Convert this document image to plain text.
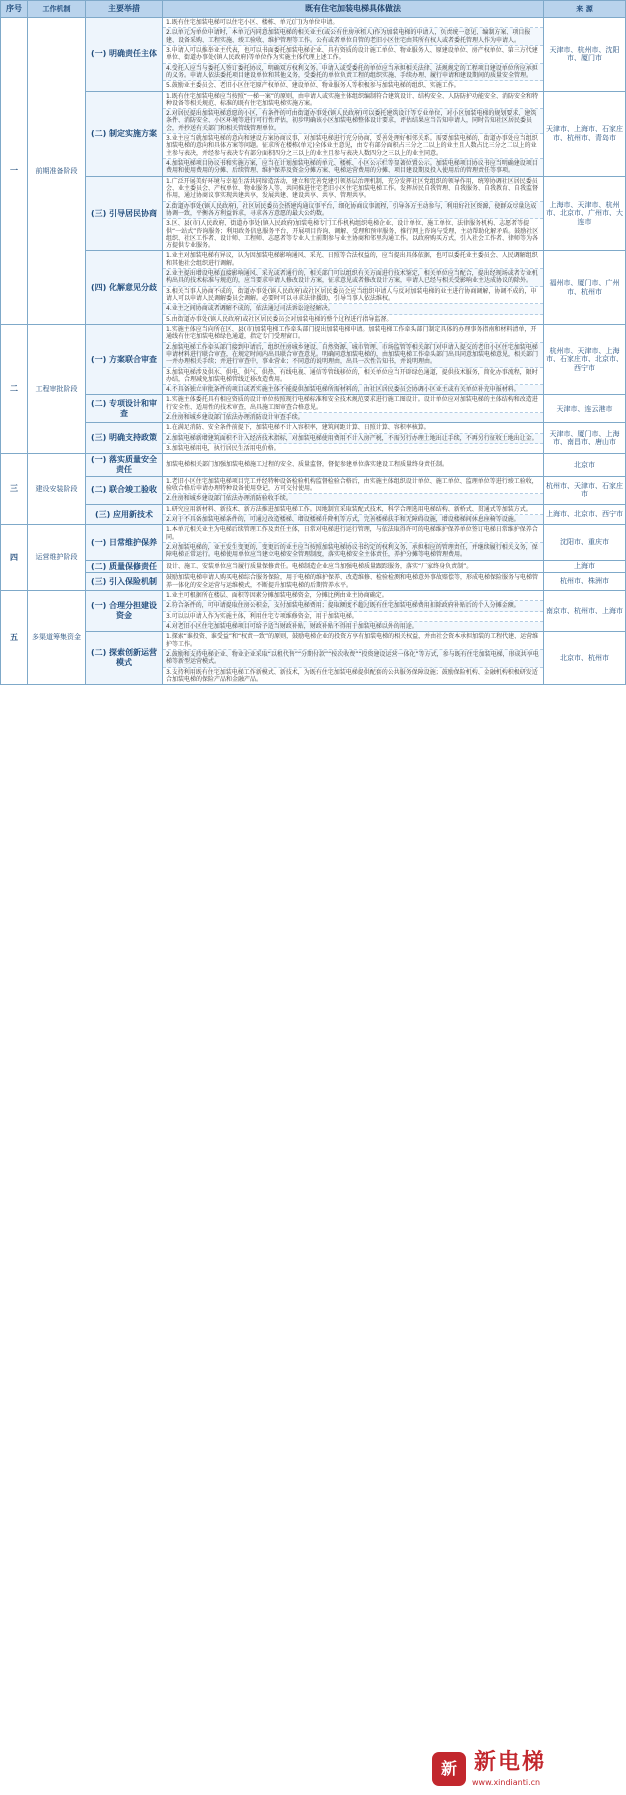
序号	工作机制	主要举措	既有住宅加装电梯具体做法	来 源
一	前期准备阶段	(一) 明确责任主体	1.既有住宅加装电梯可以住宅小区、楼栋、单元(门)为单位申请。
2.以单元为单位申请时，本单元内同意加装电梯的相关业主(或公有住房承租人)作为加装电梯的申请人，负责统一意见、编制方案、项目报建、设备采购、工程实施、竣工验收、维护管理等工作。公有或者单位自管的老旧小区住宅由其所有权人或者委托管理人作为申请人。
3.申请人可以推举业主代表，也可以书面委托加装电梯企业、具有资质的设计施工单位、物业服务人、原建设单位、房产权单位、第三方代建单位、街道办事处(镇人民政府)等单位作为实施主体代理上述工作。
4.受托人应当与委托人签订委托协议，明确双方权利义务。申请人或受委托的单位应当承担相关法律、法规规定的工程项目建设单位所应承担的义务。申请人依法委托项目建设单位和其他义务，受委托的单位负责工程的组织实施、手续办理、履行申请和建设期间的质量安全管理。
5.鼓励业主委员会、老旧小区住宅原产权单位、建设单位、物业服务人等积极参与加装电梯的组织、实施工作。	天津市、杭州市、沈阳市、厦门市
		(二) 制定实施方案	1.既有住宅加装电梯应当按照“一梯一案”的原则，由申请人或实施主体组织编制符合建筑设计、结构安全、人防防护功能安全、消防安全和特种设备等相关规范、标准的既有住宅加装电梯实施方案。
2.对居民提出加装电梯意愿的小区，有条件的可由街道办事处(镇人民政府)可以委托建筑设计等专业单位，对小区加装电梯的规划要求、建筑条件、消防安全、小区环境等进行可行性评估，初步明确该小区加装电梯整体设计要求，评估结果应当告知申请人，同时告知社区居民委员会，并抄送有关部门和相关管线管理单位。
3.业主应当就加装电梯的意向和建设方案协商议事，对加装电梯进行充分协商，妥善处理好相邻关系。需要加装电梯的，街道办事处应当组织加装电梯的意向和具体方案等问题。征求所在楼栋(单元)全体业主意见，由专有部分面积占三分之二以上的业主且人数占比三分之二以上的业主参与表决，并经参与表决专有部分面积四分之三以上的业主且参与表决人数四分之三以上的业主同意。
4.加装电梯项目协议书和实施方案，应当在计划加装电梯的单元、楼栋、小区公示栏等显著位置公示。加装电梯项目协议书应当明确建设项目费用和使用费用的分摊、后续管理、维护保养及资金分摊方案、电梯运营费用的分摊、项目建设期及投入使用后的管理责任等事项。	天津市、上海市、石家庄市、杭州市、青岛市
		(三) 引导居民协商	1.广泛开展美好环境与幸福生活共同缔造活动，建立和完善党建引领基层治理机制，充分发挥社区党组织的领导作用，统筹协调社区居民委员会、业主委员会、产权单位、物业服务人等，共同推进住宅老旧小区住宅加装电梯工作。发挥居民自我管理、自我服务、自我教育、自我监督作用，通过协商议事实现共建共享，发展共建、建设共享、共享、管理共享。
2.街道办事处(镇人民政府)、社区居民委员会搭建沟通议事平台，细化协商议事流程，引导各方主动参与，利用好社区资源，使群众尽量达成协调一致，平衡各方利益诉求，寻求各方意愿的最大公约数。
3.区、县(市)人民政府、街道办事处(镇人民政府)加装电梯专门工作机构组织电梯企业、设计单位、施工单位、法律服务机构、志愿者等提供“一站式”咨询服务；利用政务信息服务平台，开展项目咨询、调解、受理和预审服务，推行网上咨询与受理，主动帮助化解矛盾。鼓励社区组织、社区工作者、设计师、工程师、志愿者等专业人士前期参与业主协商和邻里沟通工作。以政府购买方式，引入社会工作者、律师等为各方提供专业服务。	上海市、天津市、杭州市、北京市、广州市、大连市
		(四) 化解意见分歧	1.业主对加装电梯有异议，认为因加装电梯影响通风、采光、日照等合法权益的，应当提出具体依据，也可以委托业主委员会、人民调解组织和其他社会组织进行调解。
2.业主提出增设电梯直接影响通风、采光或者通行的，相关部门可以组织有关方面进行技术鉴定，相关单位应当配合，提出经现场或者专业机构出具的技术标准与规范的，应当要求申请人修改设计方案，征求意见或者修改设计方案，申请人已经与相关受影响业主达成协议的除外。
3.相关当事人协商不成的，街道办事处(镇人民政府)或社区居民委员会应当组织申请人与反对加装电梯的业主进行协商调解，协调不成的，申请人可以申请人民调解委员会调解。必要时可以寻求法律援助，引导当事人依法维权。
4.业主之间协商或者调解不成的，依法通过司法诉讼途径解决。
5.由街道办事处(镇人民政府)或社区居民委员会对加装电梯的整个过程进行指导监督。	福州市、厦门市、广州市、杭州市
二	工程审批阶段	(一) 方案联合审查	1.实施主体应当向所在区、县(市)加装电梯工作牵头部门提出加装电梯申请。加装电梯工作牵头部门制定具体的办理事务指南和材料清单，开通线有住宅加装电梯绿色通道，指定专门受理窗口。
2.加装电梯工作牵头部门接到申请后，组织住房城乡建设、自然资源、城市管理、市场监管等相关部门对申请人提交的老旧小区住宅加装电梯申请材料进行联合审查，在规定时间内出具联合审查意见。明确同意加装电梯的，由加装电梯工作牵头部门出具同意加装电梯意见，相关部门一并办理相关手续；并进行审查中，事业营业；不同意的说明理由，出具一次性告知书，并说明理由。
3.加装电梯涉及供水、供电、供气、供热、有线电视、通信等管线移位的，相关单位应当开辟绿色通道，提供技术服务，简化办事流程，限时办结，合理减免加装电梯管线迁移改造费用。
4.不具备独立审批条件的项目或者实施主体不能提供加装电梯所需材料的，由社区居民委员会协调小区业主或有关单位补充申报材料。	杭州市、天津市、上海市、石家庄市、北京市、西宁市
		(二) 专项设计和审查	1.实施主体委托具有相应资质的设计单位按照现行电梯标准和安全技术规范要求进行施工图设计。设计单位应对加装电梯的主体结构和改造进行安全性、适用性的技术审查，出具施工图审查合格意见。
2.住房和城乡建设部门依法办理消防设计审查手续。	天津市、连云港市
		(三) 明确支持政策	1.在满足消防、安全条件前提下，加装电梯不计入容积率，建筑间距计算、日照计算、容积率核算。
2.加装电梯新增建筑面积不计入经济技术指标，对加装电梯使用费用不计入房产税，不需另行办理土地出让手续，不再另行征收土地出让金。
3.加装电梯用电，执行居民生活用电价格。	天津市、厦门市、上海市、南昌市、唐山市
三	建设安装阶段	(一) 落实质量安全责任	加装电梯相关部门加强加装电梯施工过程的安全、质量监督，督促参建单位落实建设工程质量终身责任制。	北京市
		(二) 联合竣工验收	1.老旧小区住宅加装电梯项目完工并经特种设备检验机构监督检验合格后，由实施主体组织设计单位、施工单位、监理单位等进行竣工验收，验收合格后申请办理特种设备使用登记，方可交付使用。
2.住房和城乡建设部门依法办理消防验收手续。	杭州市、天津市、石家庄市
		(三) 应用新技术	1.研究应用新材料、新技术、新方法推进加装电梯工作。因地制宜采取装配式技术，科学合理选用电梯结构、新桥式、贯通式等加装方式。
2.对于不具备加装电梯条件的，可通过改造楼梯、增设楼梯升降机等方式，完善楼梯扶手和无障碍设施，增设楼梯间休息座椅等设施。	上海市、北京市、西宁市
四	运营维护阶段	(一) 日常维护保养	1.本单元相关业主为电梯后续管理工作及责任主体，日常对电梯进行运行管理，与依法取得许可的电梯维护保养单位签订电梯日常维护保养合同。
2.对加装电梯的，业主发生变更的，变更后的业主应当按照加装电梯协议书约定的权利义务，承担相应的管理责任，并继续履行相关义务，保障电梯正常运行。电梯使用单位应当建立电梯安全管理制度，落实电梯安全主体责任，养护分摊等电梯管理费用。	沈阳市、重庆市
		(二) 质量保修责任	设计、施工、安装单位应当履行质量保修责任。电梯制造企业应当加强电梯质量跟踪服务，落实“厂家终身负责制”。	上海市
		(三) 引入保险机制	鼓励加装电梯申请人购买电梯综合服务保险，用于电梯的维护保养、改造维修、检验检测和电梯意外事故赔偿等，形成电梯保险服务与电梯管养一体化的安全运营与运维模式，不断提升加装电梯的后期管养水平。	杭州市、株洲市
五	多渠道筹集资金	(一) 合理分担建设资金	1.业主可根据所在楼层、面积等因素分摊加装电梯资金，分摊比例由业主协商确定。
2.符合条件的，可申请提取住房公积金，支付加装电梯费用；提取额度不超过既有住宅加装电梯费用扣除政府补贴后的个人分摊金额。
3.可以以申请人作为实施主体，利用住宅专项维修资金，用于加装电梯。
4.对老旧小区住宅加装电梯项目可给予适当财政补贴，财政补贴不得用于加装电梯以外的用途。	南京市、杭州市、上海市
		(二) 探索创新运营模式	1.探索“谁投资、谁受益”和“权责一致”的原则，鼓励电梯企业的投资方享有加装电梯的相关权益，并由社会资本承担加装的工程代建、运营维护等工作。
2.鼓励和支持电梯企业、物业企业采取“以租代售”“分期付款”“按次收费”“投资建设运营一体化”等方式，参与既有住宅加装电梯，形成共享电梯等新型运营模式。
3.支持利用既有住宅加装电梯工作新模式、新技术，为既有住宅加装电梯提供配套的公共服务保障设施；鼓励保险机构、金融机构积极研发适合加装电梯的保险产品和金融产品。	北京市、杭州市
新 新电梯
www.xindianti.cn
